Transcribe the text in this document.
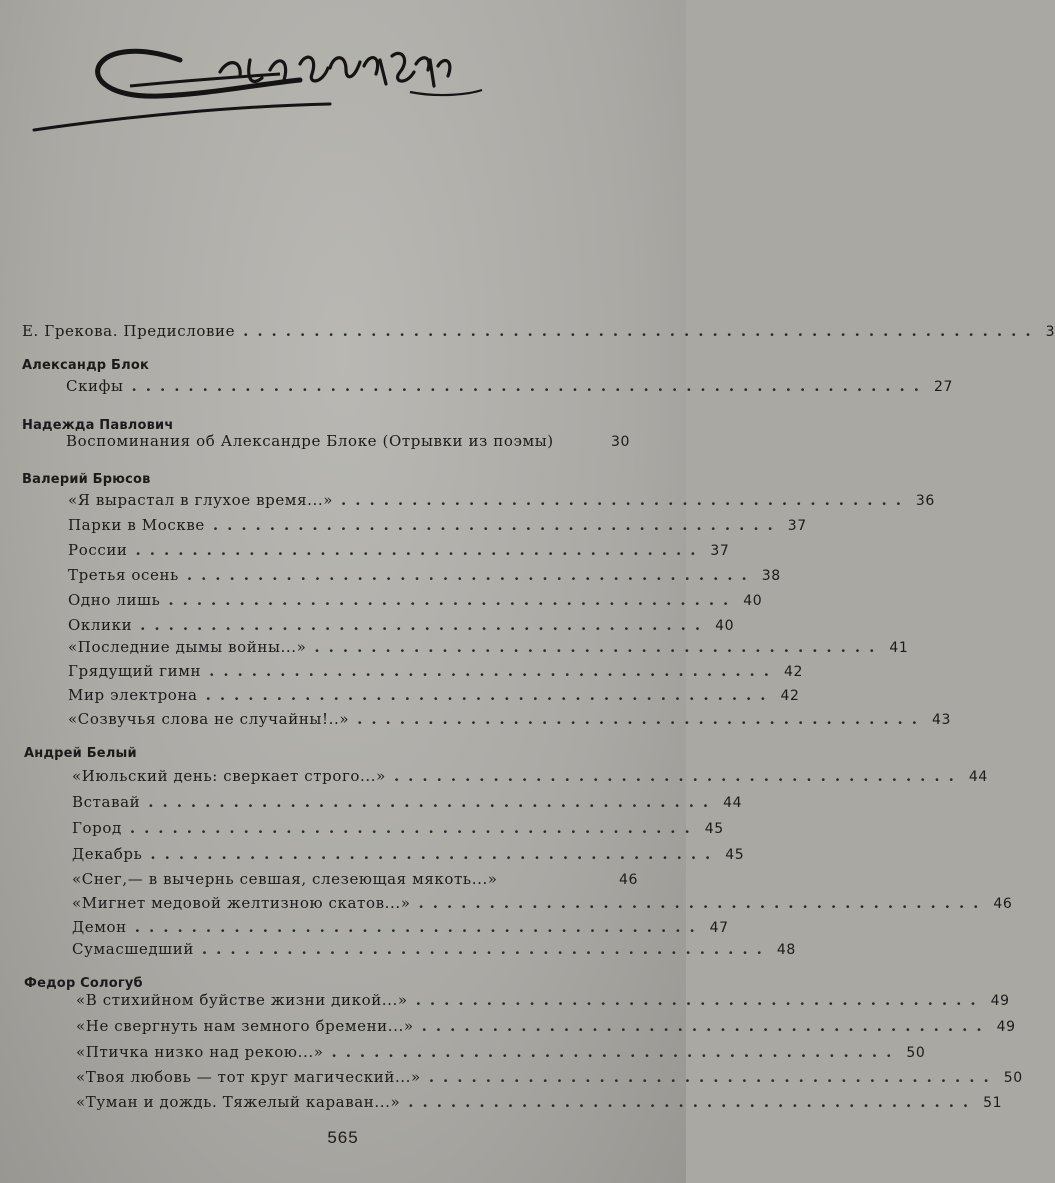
Е. Грекова. Предисловие ........................................................ 3
Александр Блок
Скифы ........................................................ 27
Надежда Павлович
Воспоминания об Александре Блоке (Отрывки из поэмы)	30
Валерий Брюсов
«Я вырастал в глухое время...» ........................................ 36
Парки в Москве ........................................ 37
России ........................................ 37
Третья осень ........................................ 38
Одно лишь ........................................ 40
Оклики ........................................ 40
«Последние дымы войны...» ........................................ 41
Грядущий гимн ........................................ 42
Мир электрона ........................................ 42
«Созвучья слова не случайны!..» ........................................ 43
Андрей Белый
«Июльский день: сверкает строго...» ........................................ 44
Вставай ........................................ 44
Город ........................................ 45
Декабрь ........................................ 45
«Снег,— в вычернь севшая, слезеющая мякоть...»	46
«Мигнет медовой желтизною скатов...» ........................................ 46
Демон ........................................ 47
Сумасшедший ........................................ 48
Федор Сологуб
«В стихийном буйстве жизни дикой...» ........................................ 49
«Не свергнуть нам земного бремени...» ........................................ 49
«Птичка низко над рекою...» ........................................ 50
«Твоя любовь — тот круг магический...» ........................................ 50
«Туман и дождь. Тяжелый караван...» ........................................ 51
565
